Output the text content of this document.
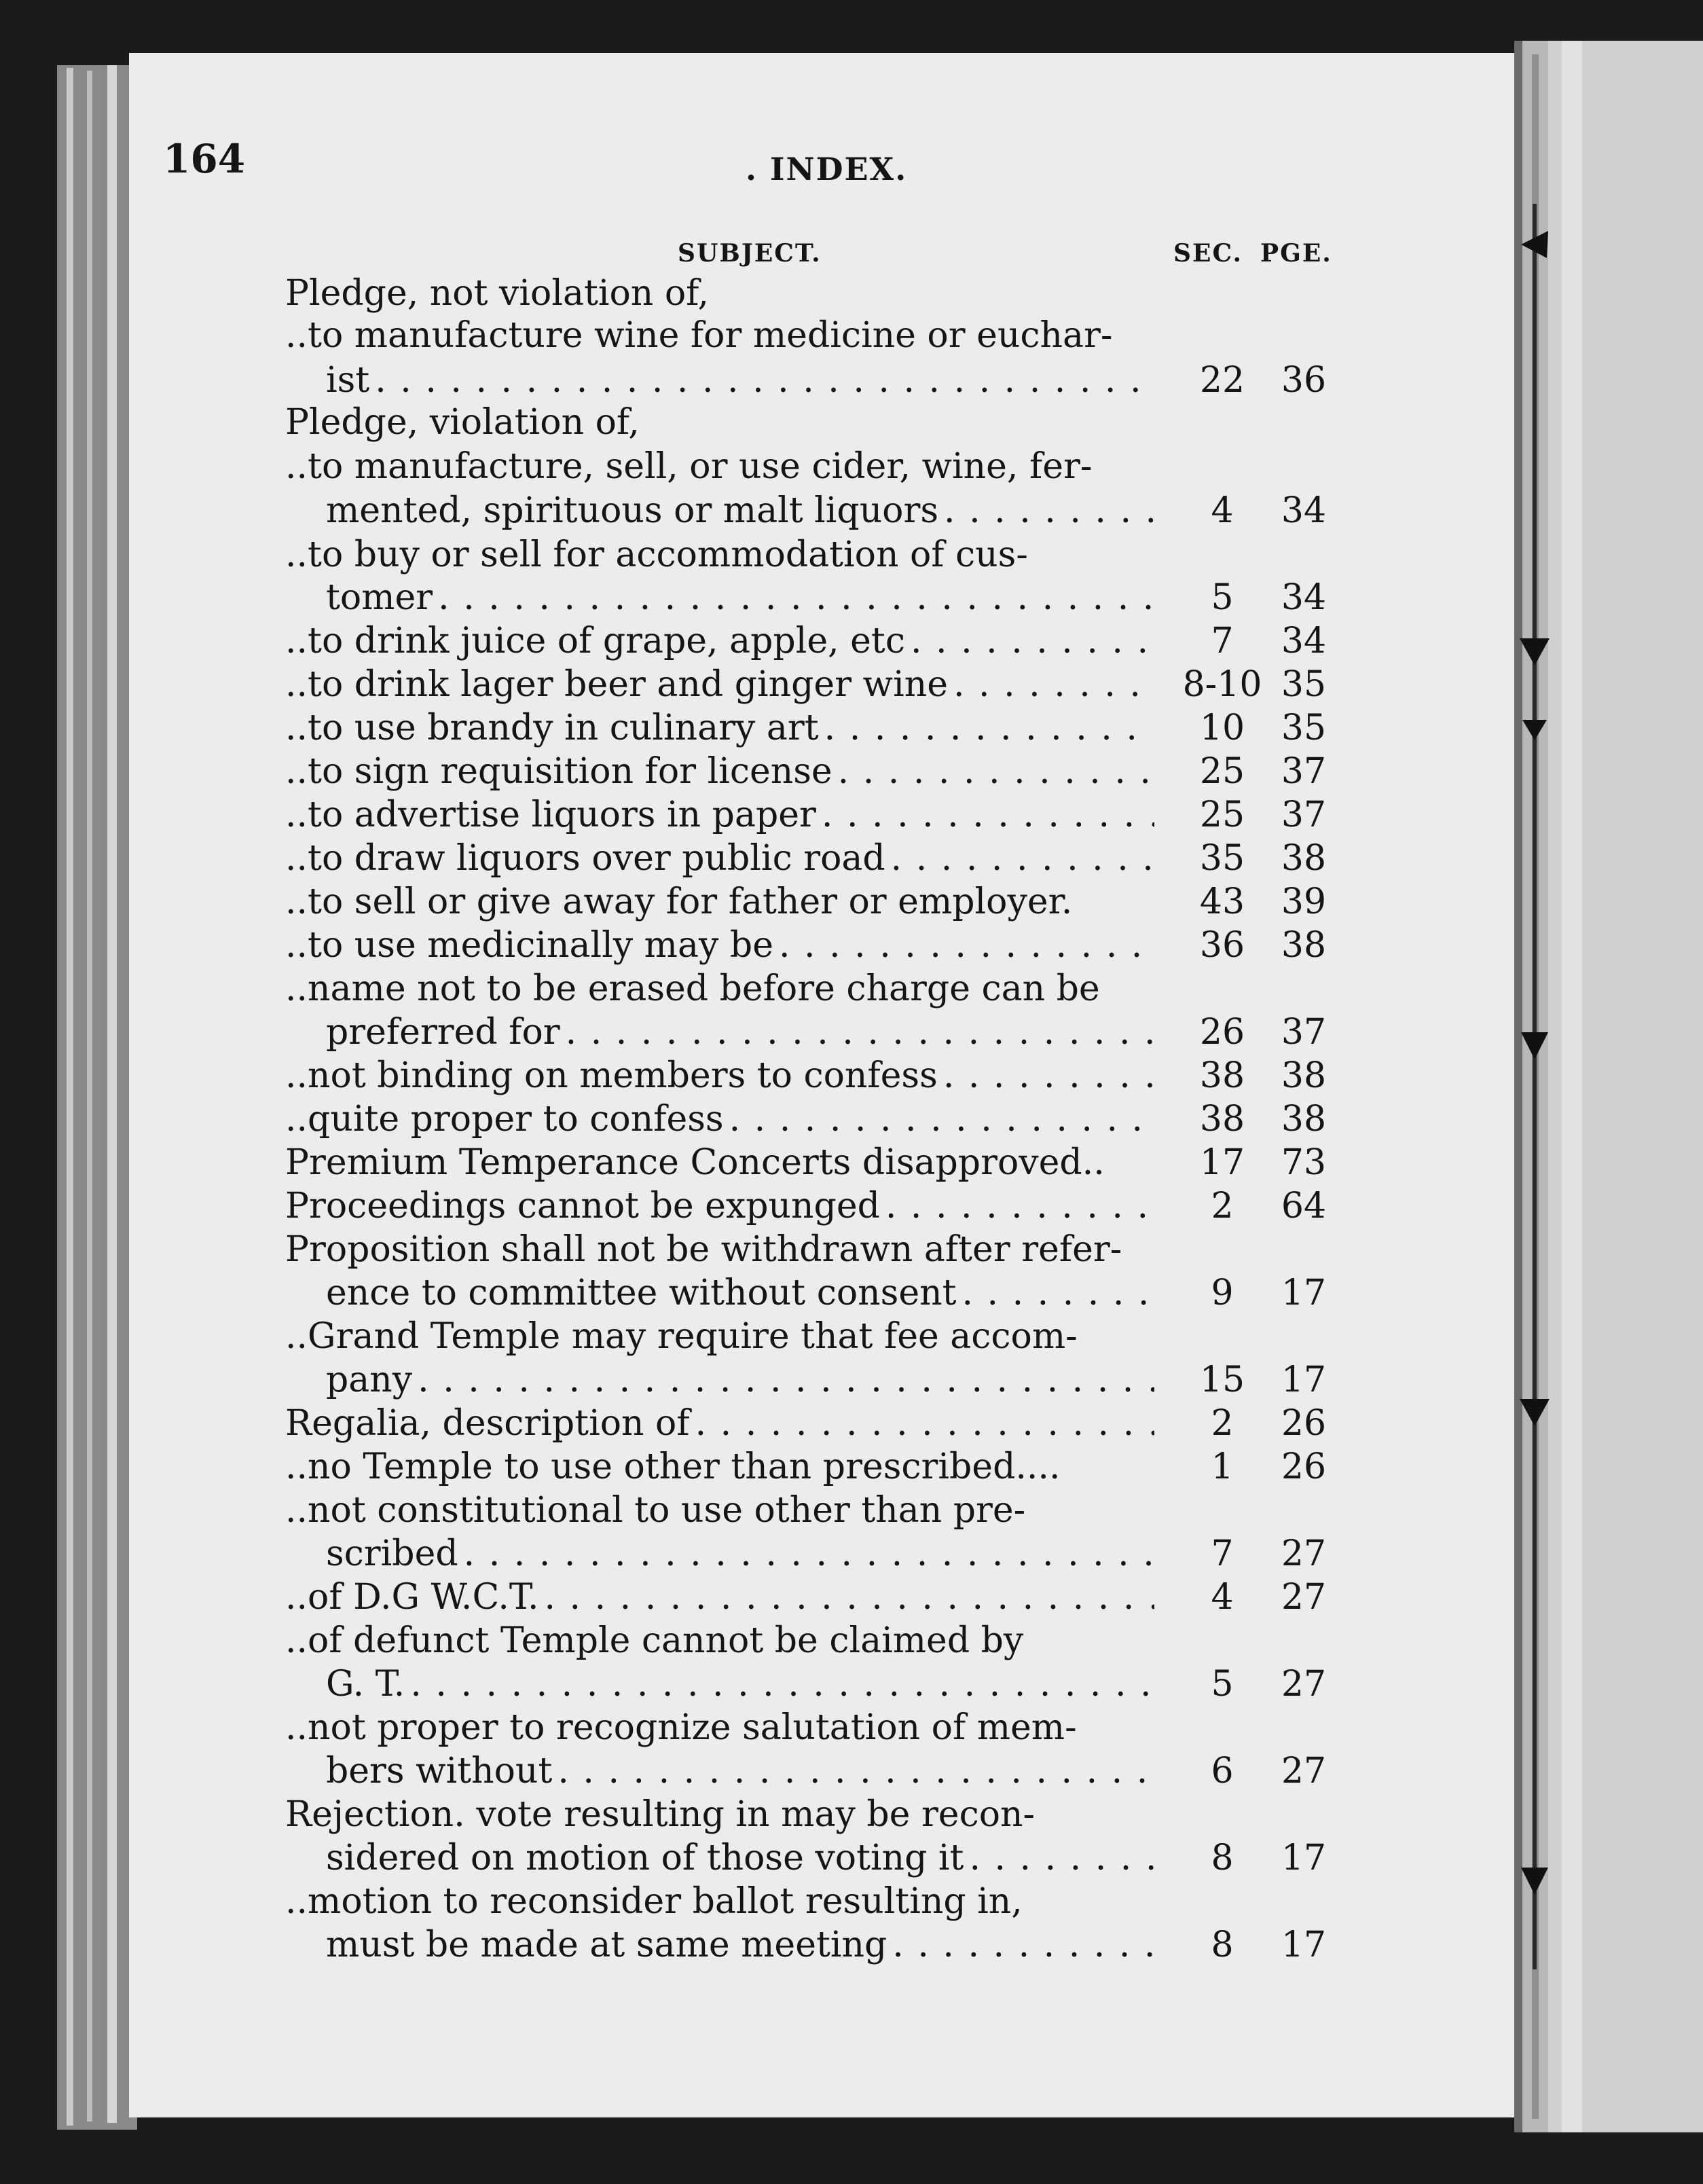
164	. INDEX.
SUBJECT.	SEC. PGE.
Pledge, not violation of,
..to manufacture wine for medicine or euchar-
ist	22	36
. . .
Pledge, violation of,
..to manufacture, sell, or use cider, wine, fer-
mented, spirituous or malt liquors	4	34
. . .
..to buy or sell for accommodation of cus-
tomer	5	34
. . .
..to drink juice of grape, apple, etc	7	34
. . .
..to drink lager beer and ginger wine	8-10 35
. . .
..to use brandy in culinary art	10	35
. . .
..to sign requisition for license	25	37
. . .
..to advertise liquors in paper	25	37
. . .
..to draw liquors over public road	35	38
. . .
..to sell or give away for father or employer.	43	39
..to use medicinally may be	36	38
. . .
..name not to be erased before charge can be
preferred for	26	37
. . .
..not binding on members to confess	38	38
. . .
..quite proper to confess	38	38
. . .
Premium Temperance Concerts disapproved..	17	73
Proceedings cannot be expunged	2	64
. . .
Proposition shall not be withdrawn after refer-
ence to committee without consent	9	17
. . .
..Grand Temple may require that fee accom-
pany	15	17
. . .
Regalia, description of	2	26
. . .
..no Temple to use other than prescribed....	1	26
..not constitutional to use other than pre-
scribed	7	27
. . .
..of D.G W.C.T.	4	27
. . .
..of defunct Temple cannot be claimed by
G. T.	5	27
. . .
..not proper to recognize salutation of mem-
bers without	6	27
. . .
Rejection. vote resulting in may be recon-
sidered on motion of those voting it	8	17
. . .
..motion to reconsider ballot resulting in,
must be made at same meeting	8	17
. . .
